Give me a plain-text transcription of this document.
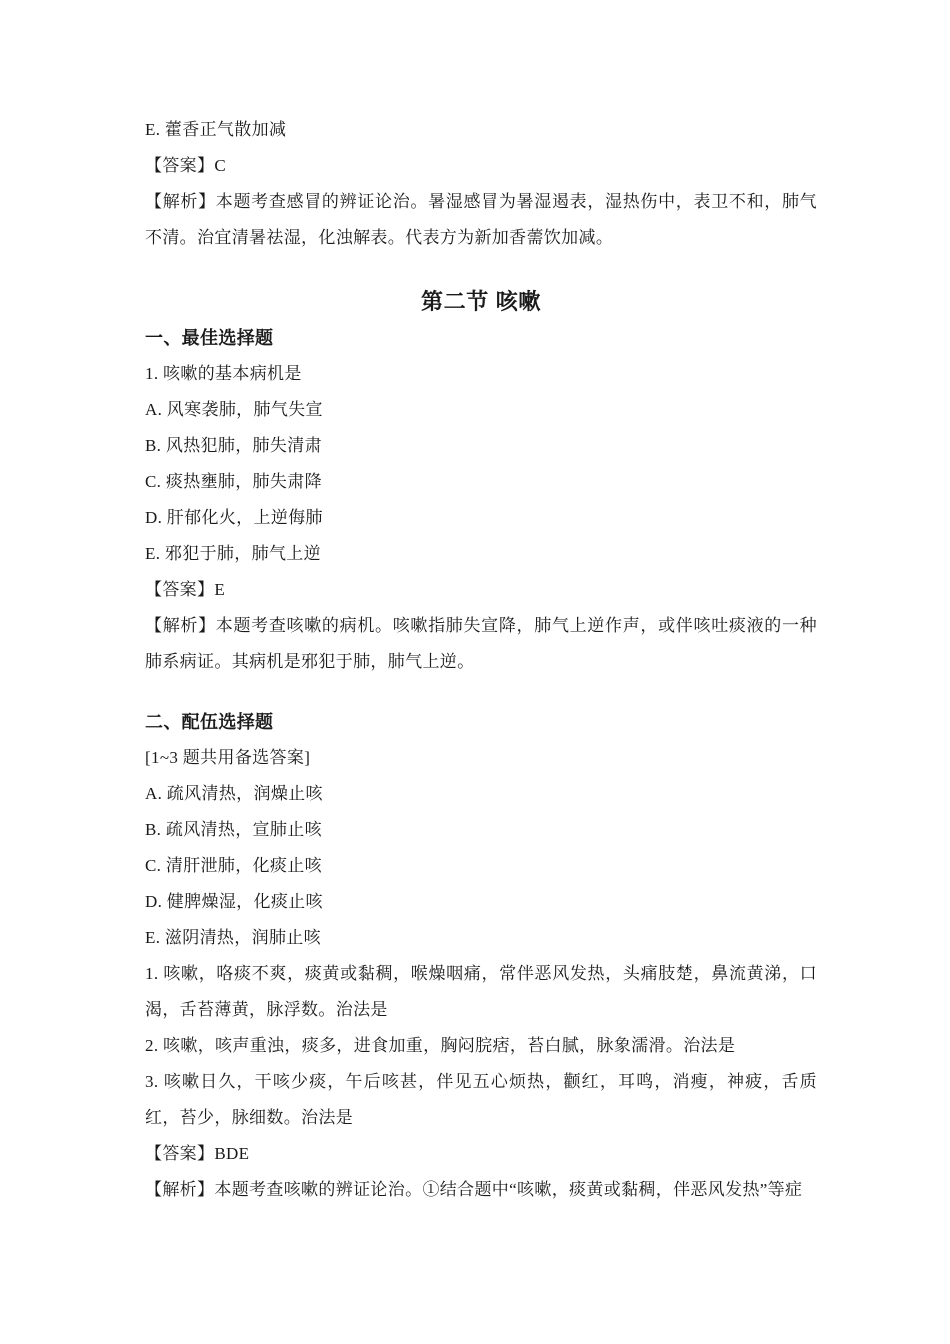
E. 藿香正气散加减

【答案】C

【解析】本题考查感冒的辨证论治。暑湿感冒为暑湿遏表，湿热伤中，表卫不和，肺气不清。治宜清暑祛湿，化浊解表。代表方为新加香薷饮加减。

第二节 咳嗽
一、最佳选择题

1. 咳嗽的基本病机是

A. 风寒袭肺，肺气失宣

B. 风热犯肺，肺失清肃

C. 痰热壅肺，肺失肃降

D. 肝郁化火，上逆侮肺

E. 邪犯于肺，肺气上逆

【答案】E

【解析】本题考查咳嗽的病机。咳嗽指肺失宣降，肺气上逆作声，或伴咳吐痰液的一种肺系病证。其病机是邪犯于肺，肺气上逆。

二、配伍选择题

[1~3 题共用备选答案]

A. 疏风清热，润燥止咳

B. 疏风清热，宣肺止咳

C. 清肝泄肺，化痰止咳

D. 健脾燥湿，化痰止咳

E. 滋阴清热，润肺止咳

1. 咳嗽，咯痰不爽，痰黄或黏稠，喉燥咽痛，常伴恶风发热，头痛肢楚，鼻流黄涕，口渴，舌苔薄黄，脉浮数。治法是

2. 咳嗽，咳声重浊，痰多，进食加重，胸闷脘痞，苔白腻，脉象濡滑。治法是

3. 咳嗽日久，干咳少痰，午后咳甚，伴见五心烦热，颧红，耳鸣，消瘦，神疲，舌质红，苔少，脉细数。治法是

【答案】BDE

【解析】本题考查咳嗽的辨证论治。①结合题中“咳嗽，痰黄或黏稠，伴恶风发热”等症
